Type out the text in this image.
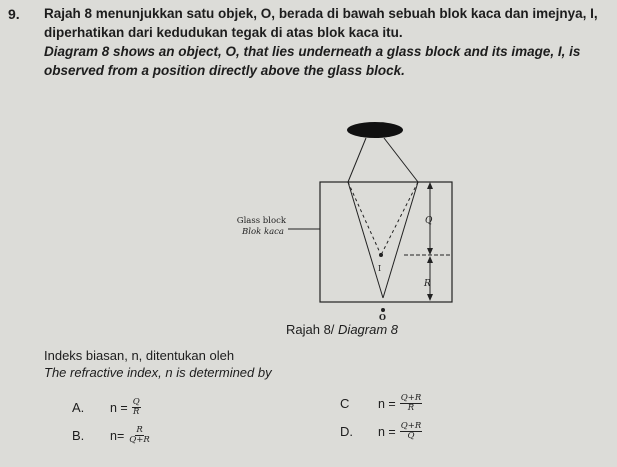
9. Rajah 8 menunjukkan satu objek, O, berada di bawah sebuah blok kaca dan imejnya, I,
diperhatikan dari kedudukan tegak di atas blok kaca itu.
Diagram 8 shows an object, O, that lies underneath a glass block and its image, I, is
observed from a position directly above the glass block.
Glass block
Blok kaca
Q
R
I
O
Rajah 8/ Diagram 8
Indeks biasan, n, ditentukan oleh
The refractive index, n is determined by
A.	$n = \frac{Q}{R}$
B.	$n= \frac{R}{Q+R}$
C	$n = \frac{Q+R}{R}$
D.	$n = \frac{Q+R}{Q}$
